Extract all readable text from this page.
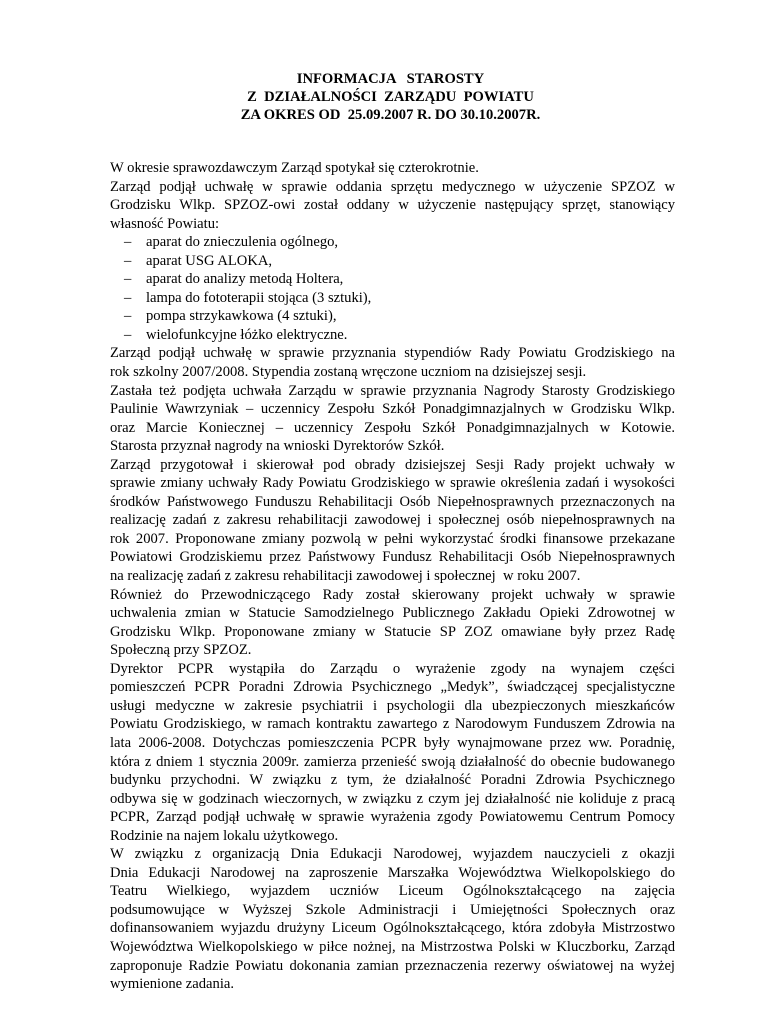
INFORMACJA   STAROSTY
Z  DZIAŁALNOŚCI  ZARZĄDU  POWIATU
ZA OKRES OD  25.09.2007 R. DO 30.10.2007R.
W okresie sprawozdawczym Zarząd spotykał się czterokrotnie.
Zarząd podjął uchwałę w sprawie oddania sprzętu medycznego w użyczenie SPZOZ w
Grodzisku Wlkp. SPZOZ-owi został oddany w użyczenie następujący sprzęt, stanowiący
własność Powiatu:
– aparat do znieczulenia ogólnego,
– aparat USG ALOKA,
– aparat do analizy metodą Holtera,
– lampa do fototerapii stojąca (3 sztuki),
– pompa strzykawkowa (4 sztuki),
– wielofunkcyjne łóżko elektryczne.
Zarząd podjął uchwałę w sprawie przyznania stypendiów Rady Powiatu Grodziskiego na
rok szkolny 2007/2008. Stypendia zostaną wręczone uczniom na dzisiejszej sesji.
Zastała też podjęta uchwała Zarządu w sprawie przyznania Nagrody Starosty Grodziskiego
Paulinie Wawrzyniak – uczennicy Zespołu Szkół Ponadgimnazjalnych w Grodzisku Wlkp.
oraz Marcie Koniecznej – uczennicy Zespołu Szkół Ponadgimnazjalnych w Kotowie.
Starosta przyznał nagrody na wnioski Dyrektorów Szkół.
Zarząd przygotował i skierował pod obrady dzisiejszej Sesji Rady projekt uchwały w
sprawie zmiany uchwały Rady Powiatu Grodziskiego w sprawie określenia zadań i wysokości
środków Państwowego Funduszu Rehabilitacji Osób Niepełnosprawnych przeznaczonych na
realizację zadań z zakresu rehabilitacji zawodowej i społecznej osób niepełnosprawnych na
rok 2007. Proponowane zmiany pozwolą w pełni wykorzystać środki finansowe przekazane
Powiatowi Grodziskiemu przez Państwowy Fundusz Rehabilitacji Osób Niepełnosprawnych
na realizację zadań z zakresu rehabilitacji zawodowej i społecznej  w roku 2007.
Również do Przewodniczącego Rady został skierowany projekt uchwały w sprawie
uchwalenia zmian w Statucie Samodzielnego Publicznego Zakładu Opieki Zdrowotnej w
Grodzisku Wlkp. Proponowane zmiany w Statucie SP ZOZ omawiane były przez Radę
Społeczną przy SPZOZ.
Dyrektor PCPR wystąpiła do Zarządu o wyrażenie zgody na wynajem części
pomieszczeń PCPR Poradni Zdrowia Psychicznego „Medyk”, świadczącej specjalistyczne
usługi medyczne w zakresie psychiatrii i psychologii dla ubezpieczonych mieszkańców
Powiatu Grodziskiego, w ramach kontraktu zawartego z Narodowym Funduszem Zdrowia na
lata 2006-2008. Dotychczas pomieszczenia PCPR były wynajmowane przez ww. Poradnię,
która z dniem 1 stycznia 2009r. zamierza przenieść swoją działalność do obecnie budowanego
budynku przychodni. W związku z tym, że działalność Poradni Zdrowia Psychicznego
odbywa się w godzinach wieczornych, w związku z czym jej działalność nie koliduje z pracą
PCPR, Zarząd podjął uchwałę w sprawie wyrażenia zgody Powiatowemu Centrum Pomocy
Rodzinie na najem lokalu użytkowego.
W związku z organizacją Dnia Edukacji Narodowej, wyjazdem nauczycieli z okazji
Dnia Edukacji Narodowej na zaproszenie Marszałka Województwa Wielkopolskiego do
Teatru Wielkiego, wyjazdem uczniów Liceum Ogólnokształcącego na zajęcia
podsumowujące w Wyższej Szkole Administracji i Umiejętności Społecznych oraz
dofinansowaniem wyjazdu drużyny Liceum Ogólnokształcącego, która zdobyła Mistrzostwo
Województwa Wielkopolskiego w piłce nożnej, na Mistrzostwa Polski w Kluczborku, Zarząd
zaproponuje Radzie Powiatu dokonania zamian przeznaczenia rezerwy oświatowej na wyżej
wymienione zadania.
